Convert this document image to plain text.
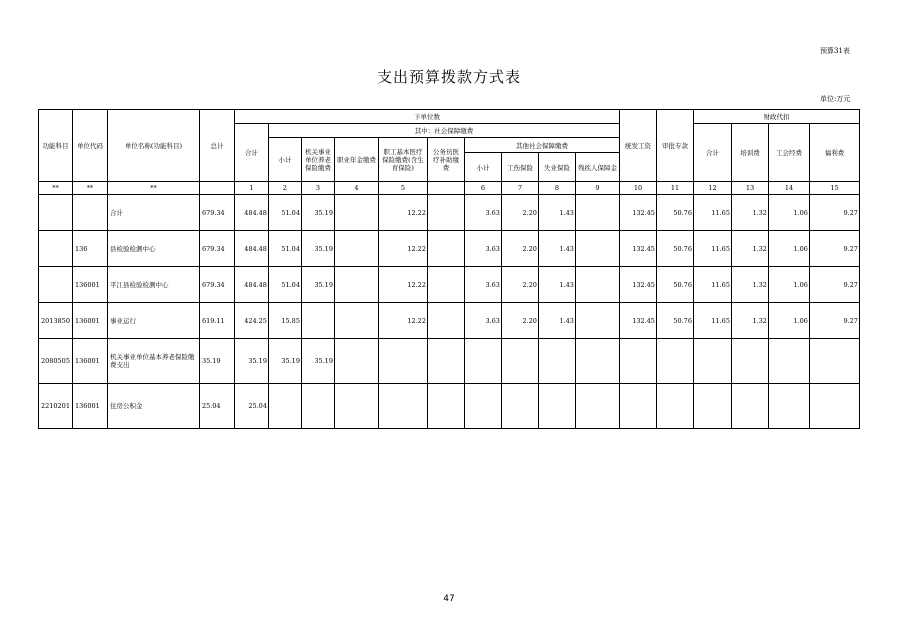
预算31表
支出预算拨款方式表
单位:万元
功能科目	单位代码	单位名称(功能科目)	总计	下单位数										统发工资	审批专款	财政代扣			
				合计	其中：社会保障缴费											合计	培训费	工会经费	福利费
					小计	机关事业单位养老保险缴费	职业年金缴费	职工基本医疗保险缴费(含生育保险)	公务员医疗补助缴费	其他社会保障缴费									
										小计	工伤保险	失业保险	残疾人保障金						
**	**	**		1	2	3	4	5		6	7	8	9	10	11	12	13	14	15
		合计	679.34	484.48	51.04	35.19		12.22		3.63	2.20	1.43		132.45	50.76	11.65	1.32	1.06	9.27
	136	县检验检测中心	679.34	484.48	51.04	35.19		12.22		3.63	2.20	1.43		132.45	50.76	11.65	1.32	1.06	9.27
	136001	平江县检验检测中心	679.34	484.48	51.04	35.19		12.22		3.63	2.20	1.43		132.45	50.76	11.65	1.32	1.06	9.27
2013850	136001	事业运行	619.11	424.25	15.85			12.22		3.63	2.20	1.43		132.45	50.76	11.65	1.32	1.06	9.27
2080505	136001	机关事业单位基本养老保险缴费支出	35.19	35.19	35.19	35.19													
2210201	136001	住房公积金	25.04	25.04															
47
